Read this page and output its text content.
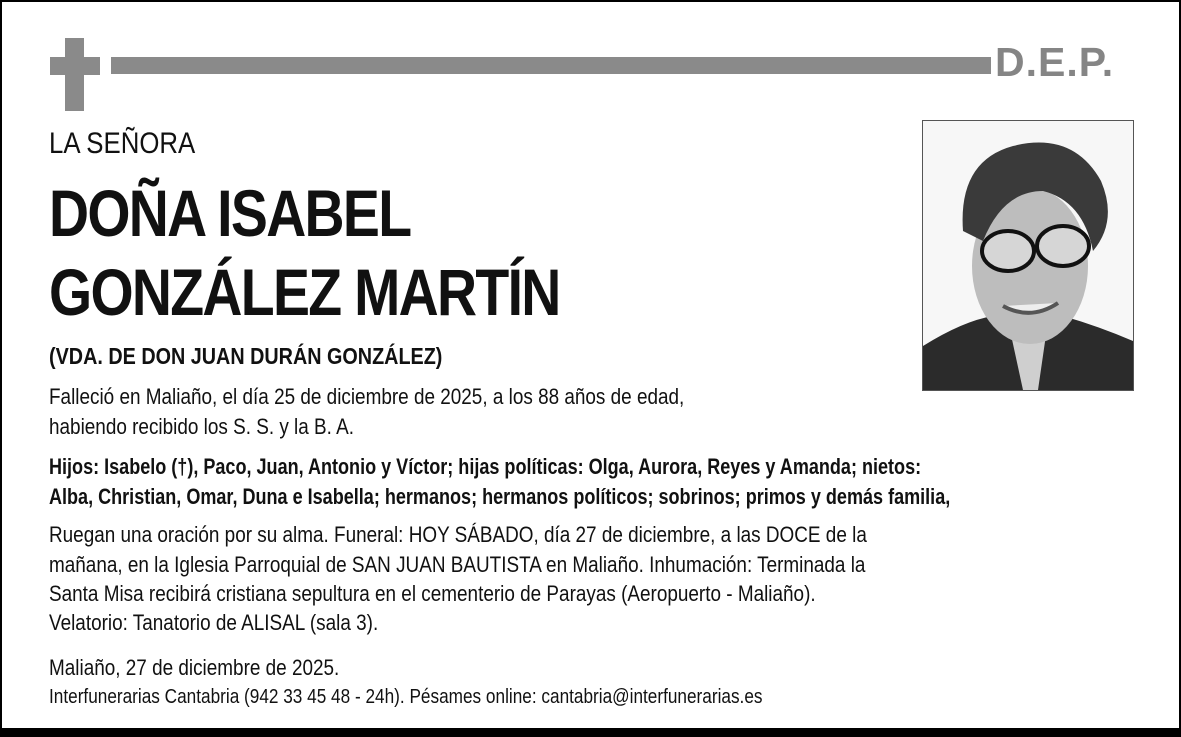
D.E.P.
LA SEÑORA
DOÑA ISABEL
GONZÁLEZ MARTÍN
(VDA. DE DON JUAN DURÁN GONZÁLEZ)
Falleció en Maliaño, el día 25 de diciembre de 2025, a los 88 años de edad,
habiendo recibido los S. S. y la B. A.
Hijos: Isabelo (†), Paco, Juan, Antonio y Víctor; hijas políticas: Olga, Aurora, Reyes y Amanda; nietos:
Alba, Christian, Omar, Duna e Isabella; hermanos; hermanos políticos; sobrinos; primos y demás familia,
Ruegan una oración por su alma. Funeral: HOY SÁBADO, día 27 de diciembre, a las DOCE de la
mañana, en la Iglesia Parroquial de SAN JUAN BAUTISTA en Maliaño. Inhumación: Terminada la
Santa Misa recibirá cristiana sepultura en el cementerio de Parayas (Aeropuerto - Maliaño).
Velatorio: Tanatorio de ALISAL (sala 3).
Maliaño, 27 de diciembre de 2025.
Interfunerarias Cantabria (942 33 45 48 - 24h). Pésames online: cantabria@interfunerarias.es
